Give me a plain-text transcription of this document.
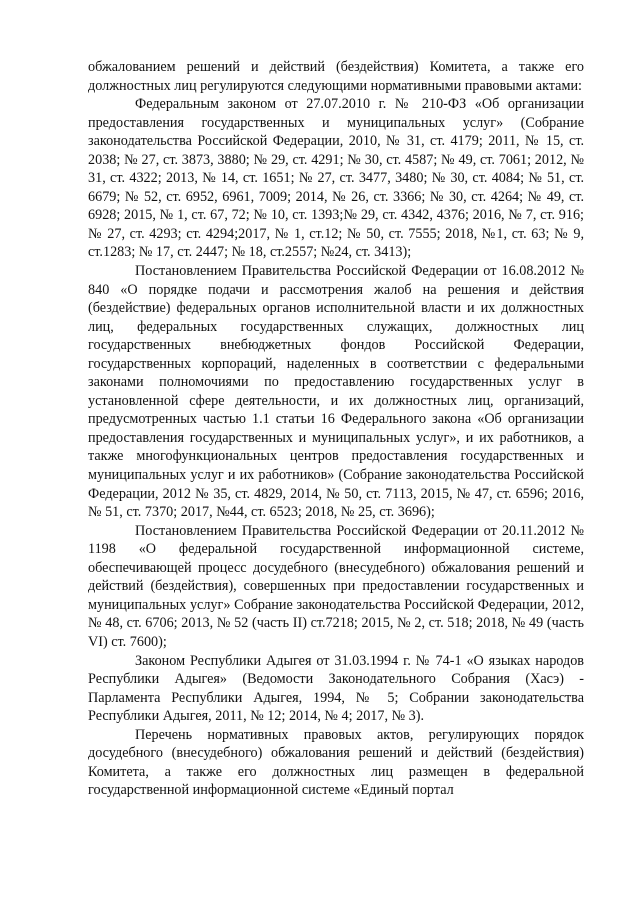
обжалованием решений и действий (бездействия) Комитета, а также его должностных лиц регулируются следующими нормативными правовыми актами:

Федеральным законом от 27.07.2010 г. № 210-ФЗ «Об организации предоставления государственных и муниципальных услуг» (Собрание законодательства Российской Федерации, 2010, № 31, ст. 4179; 2011, № 15, ст. 2038; № 27, ст. 3873, 3880; № 29, ст. 4291; № 30, ст. 4587; № 49, ст. 7061; 2012, № 31, ст. 4322; 2013, № 14, ст. 1651; № 27, ст. 3477, 3480; № 30, ст. 4084; № 51, ст. 6679; № 52, ст. 6952, 6961, 7009; 2014, № 26, ст. 3366; № 30, ст. 4264; № 49, ст. 6928; 2015, № 1, ст. 67, 72; № 10, ст. 1393;№ 29, ст. 4342, 4376; 2016, № 7, ст. 916; № 27, ст. 4293; ст. 4294;2017, № 1, ст.12; № 50, ст. 7555; 2018, №1, ст. 63; № 9, ст.1283; № 17, ст. 2447; № 18, ст.2557; №24, ст. 3413);

Постановлением Правительства Российской Федерации от 16.08.2012 № 840 «О порядке подачи и рассмотрения жалоб на решения и действия (бездействие) федеральных органов исполнительной власти и их должностных лиц, федеральных государственных служащих, должностных лиц государственных внебюджетных фондов Российской Федерации, государственных корпораций, наделенных в соответствии с федеральными законами полномочиями по предоставлению государственных услуг в установленной сфере деятельности, и их должностных лиц, организаций, предусмотренных частью 1.1 статьи 16 Федерального закона «Об организации предоставления государственных и муниципальных услуг», и их работников, а также многофункциональных центров предоставления государственных и муниципальных услуг и их работников» (Собрание законодательства Российской Федерации, 2012 № 35, ст. 4829, 2014, № 50, ст. 7113, 2015, № 47, ст. 6596; 2016, № 51, ст. 7370; 2017, №44, ст. 6523; 2018, № 25, ст. 3696);

Постановлением Правительства Российской Федерации от 20.11.2012 № 1198 «О федеральной государственной информационной системе, обеспечивающей процесс досудебного (внесудебного) обжалования решений и действий (бездействия), совершенных при предоставлении государственных и муниципальных услуг» Собрание законодательства Российской Федерации, 2012, № 48, ст. 6706; 2013, № 52 (часть II) ст.7218; 2015, № 2, ст. 518; 2018, № 49 (часть VI) ст. 7600);

Законом Республики Адыгея от 31.03.1994 г. № 74-1 «О языках народов Республики Адыгея» (Ведомости Законодательного Собрания (Хасэ) - Парламента Республики Адыгея, 1994, № 5; Собрании законодательства Республики Адыгея, 2011, № 12; 2014, № 4; 2017, № 3).

Перечень нормативных правовых актов, регулирующих порядок досудебного (внесудебного) обжалования решений и действий (бездействия) Комитета, а также его должностных лиц размещен в федеральной государственной информационной системе «Единый портал
